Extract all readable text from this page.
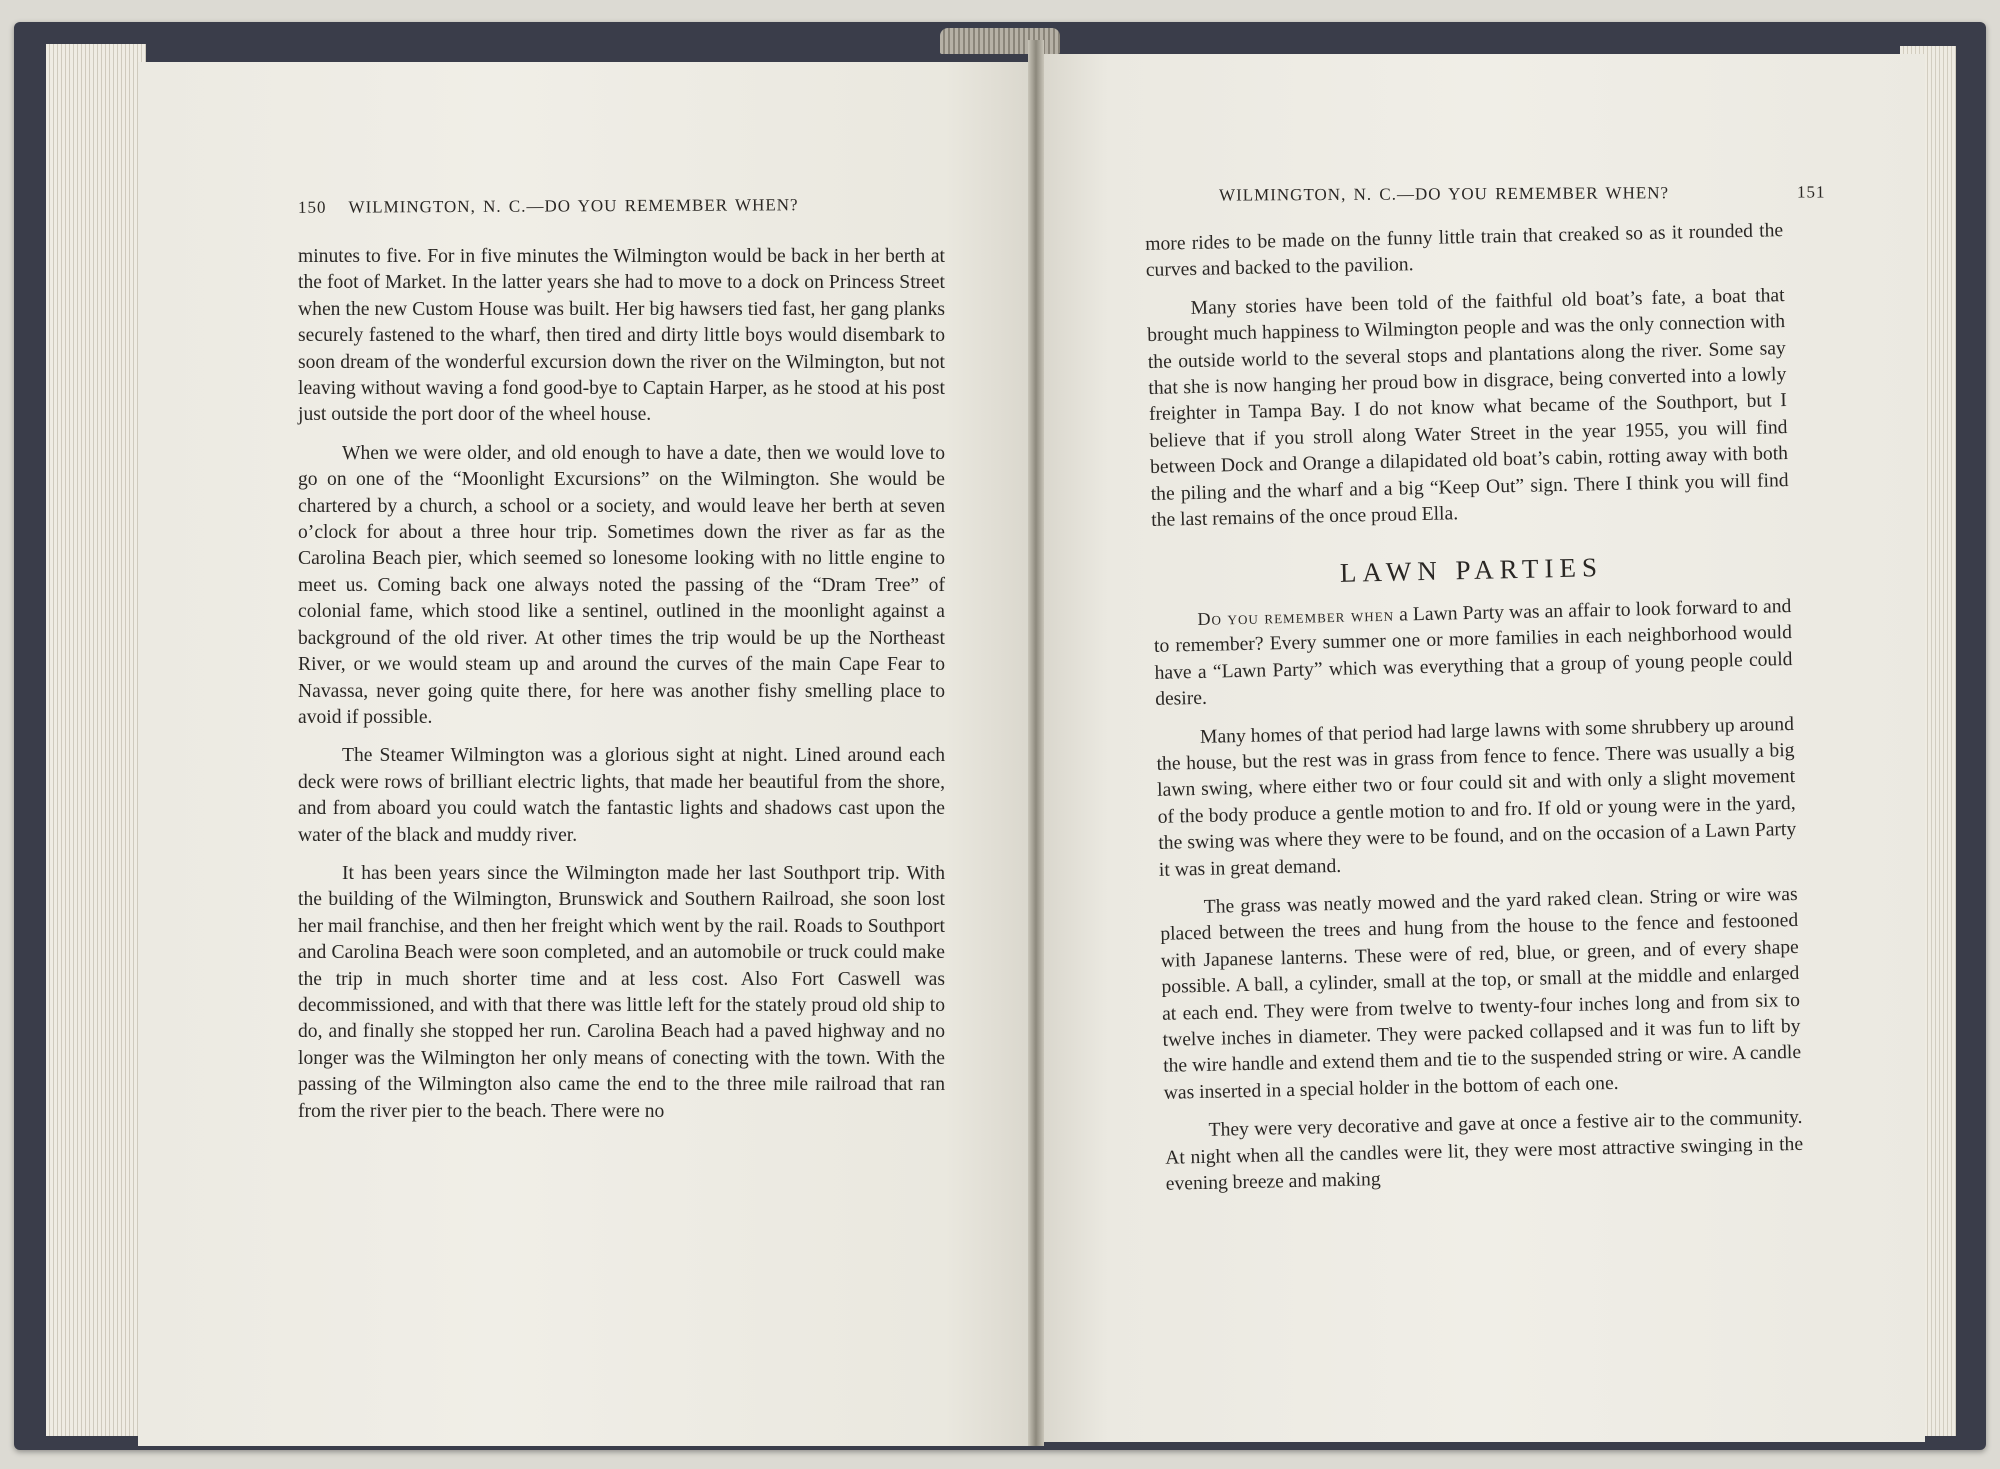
150 WILMINGTON, N. C.—DO YOU REMEMBER WHEN?

minutes to five. For in five minutes the Wilmington would be back in her berth at the foot of Market. In the latter years she had to move to a dock on Princess Street when the new Custom House was built. Her big hawsers tied fast, her gang planks securely fastened to the wharf, then tired and dirty little boys would disembark to soon dream of the wonderful excursion down the river on the Wilmington, but not leaving without waving a fond good-bye to Captain Harper, as he stood at his post just outside the port door of the wheel house.

When we were older, and old enough to have a date, then we would love to go on one of the “Moonlight Excursions” on the Wilmington. She would be chartered by a church, a school or a society, and would leave her berth at seven o’clock for about a three hour trip. Sometimes down the river as far as the Carolina Beach pier, which seemed so lonesome looking with no little engine to meet us. Coming back one always noted the passing of the “Dram Tree” of colonial fame, which stood like a sentinel, outlined in the moonlight against a background of the old river. At other times the trip would be up the Northeast River, or we would steam up and around the curves of the main Cape Fear to Navassa, never going quite there, for here was another fishy smelling place to avoid if possible.

The Steamer Wilmington was a glorious sight at night. Lined around each deck were rows of brilliant electric lights, that made her beautiful from the shore, and from aboard you could watch the fantastic lights and shadows cast upon the water of the black and muddy river.

It has been years since the Wilmington made her last Southport trip. With the building of the Wilmington, Brunswick and Southern Railroad, she soon lost her mail franchise, and then her freight which went by the rail. Roads to Southport and Carolina Beach were soon completed, and an automobile or truck could make the trip in much shorter time and at less cost. Also Fort Caswell was decommissioned, and with that there was little left for the stately proud old ship to do, and finally she stopped her run. Carolina Beach had a paved highway and no longer was the Wilmington her only means of conecting with the town. With the passing of the Wilmington also came the end to the three mile railroad that ran from the river pier to the beach. There were no

WILMINGTON, N. C.—DO YOU REMEMBER WHEN?	151

more rides to be made on the funny little train that creaked so as it rounded the curves and backed to the pavilion.

Many stories have been told of the faithful old boat’s fate, a boat that brought much happiness to Wilmington people and was the only connection with the outside world to the several stops and plantations along the river. Some say that she is now hanging her proud bow in disgrace, being converted into a lowly freighter in Tampa Bay. I do not know what became of the Southport, but I believe that if you stroll along Water Street in the year 1955, you will find between Dock and Orange a dilapidated old boat’s cabin, rotting away with both the piling and the wharf and a big “Keep Out” sign. There I think you will find the last remains of the once proud Ella.

LAWN PARTIES

Do you remember when a Lawn Party was an affair to look forward to and to remember? Every summer one or more families in each neighborhood would have a “Lawn Party” which was everything that a group of young people could desire.

Many homes of that period had large lawns with some shrubbery up around the house, but the rest was in grass from fence to fence. There was usually a big lawn swing, where either two or four could sit and with only a slight movement of the body produce a gentle motion to and fro. If old or young were in the yard, the swing was where they were to be found, and on the occasion of a Lawn Party it was in great demand.

The grass was neatly mowed and the yard raked clean. String or wire was placed between the trees and hung from the house to the fence and festooned with Japanese lanterns. These were of red, blue, or green, and of every shape possible. A ball, a cylinder, small at the top, or small at the middle and enlarged at each end. They were from twelve to twenty-four inches long and from six to twelve inches in diameter. They were packed collapsed and it was fun to lift by the wire handle and extend them and tie to the suspended string or wire. A candle was inserted in a special holder in the bottom of each one.

They were very decorative and gave at once a festive air to the community. At night when all the candles were lit, they were most attractive swinging in the evening breeze and making
